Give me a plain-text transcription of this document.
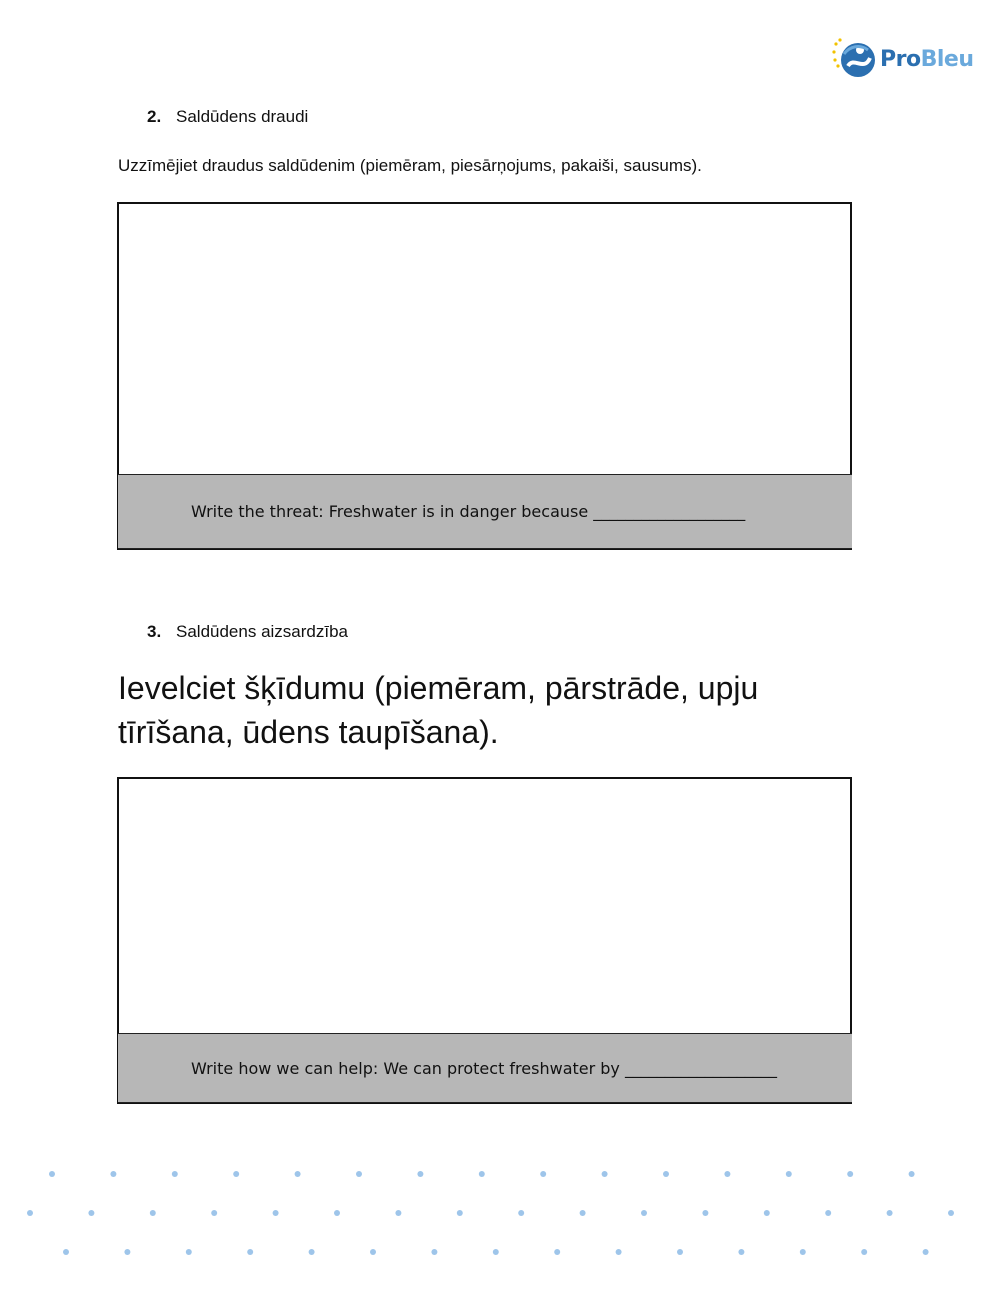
ProBleu
2. Saldūdens draudi
Uzzīmējiet draudus saldūdenim (piemēram, piesārņojums, pakaiši, sausums).
Write the threat: Freshwater is in danger because ___________________
3. Saldūdens aizsardzība
Ievelciet šķīdumu (piemēram, pārstrāde, upju tīrīšana, ūdens taupīšana).
Write how we can help: We can protect freshwater by ___________________
